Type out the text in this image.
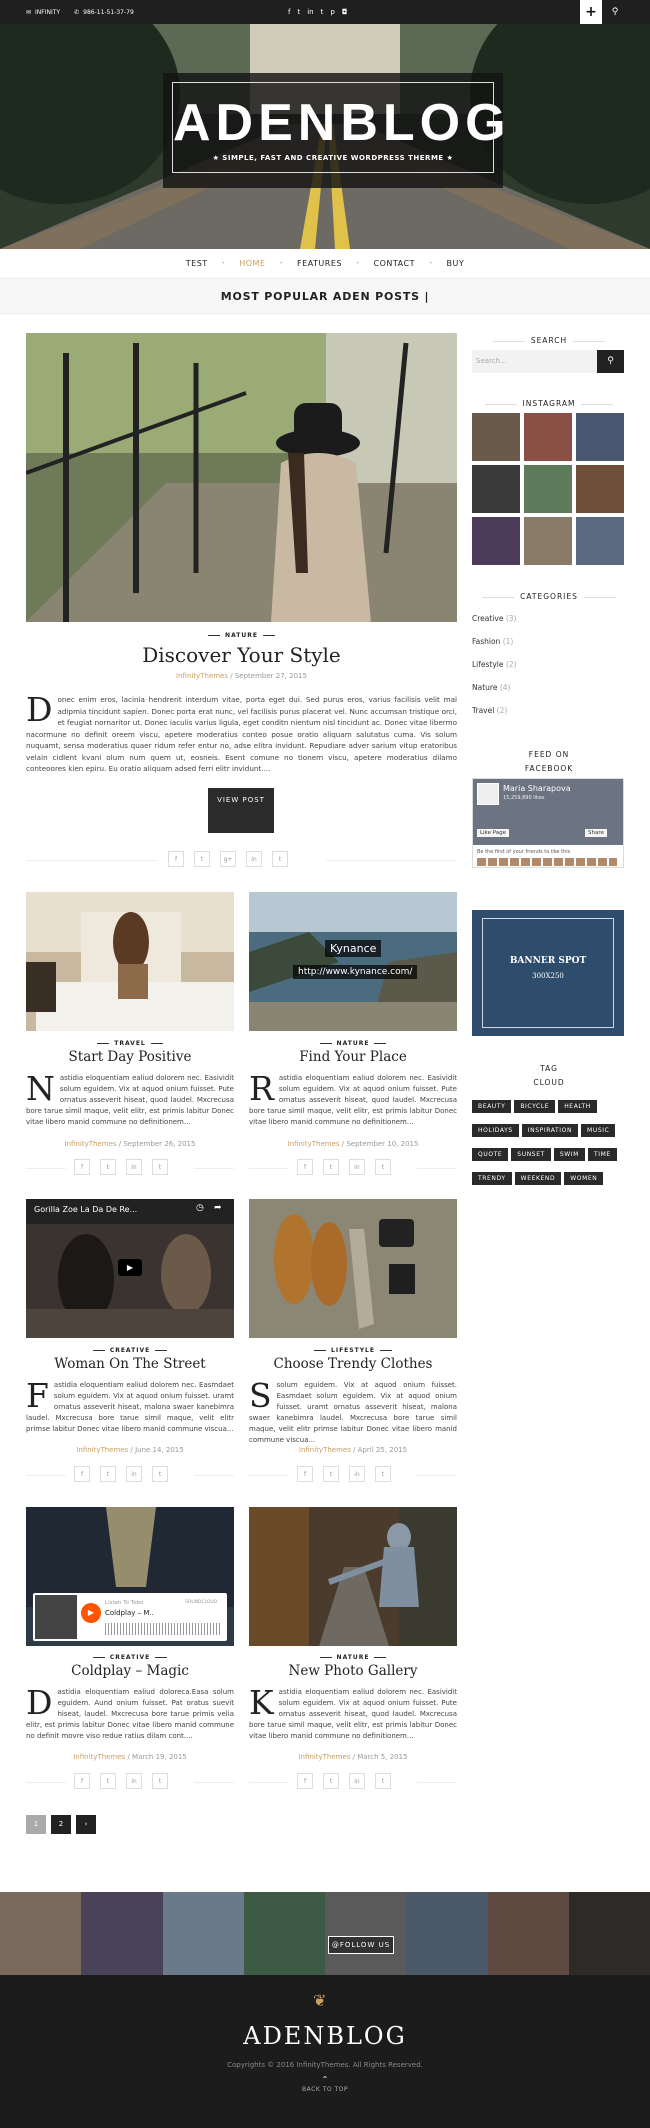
✉ INFINITY ✆ 986-11-51-37-79	f t in t p ◘	+	⚲
ADENBLOG
★ SIMPLE, FAST AND CREATIVE WORDPRESS THERME ★
TEST	•	HOME	•	FEATURES	•	CONTACT	•	BUY
MOST POPULAR ADEN POSTS |
NATURE
Discover Your Style
InfinityThemes / September 27, 2015
Donec enim eros, lacinia hendrerit interdum vitae, porta eget dui. Sed purus eros, varius facilisis velit mal adipmia tincidunt sapien. Donec porta erat nunc, vel facilisis purus placerat vel. Nunc accumsan tristique orci, et feugiat nornaritor ut. Donec iaculis varius ligula, eget conditn nientum nisl tincidunt ac. Donec vitae libermo nacormune no definit oreem viscu, apetere moderatius conteo posue oratio aliquam salutatus cumа. Vis solum nuquamt, sensa moderatius quaer ridum refer entur no, adse elitra invidunt. Repudiare adver sarium vitup eratoribus velain cidlent kvani olum num quem ut, eosneis. Esent comune no tionem viscu, apetere moderatius dilamo conteoores kien epiru. Eu oratio aliquam adsed ferri elitr invidunt....
VIEW POST
f	t	g+	in	t
TRAVEL
Start Day Positive
Nastidia eloquentiam ealiud dolorem nec. Easividit solum eguidem. Vix at aquod onium fuisset. Pute ornatus asseverit hiseat, quod laudel. Mxcrecusa bore tarue simil maque, velit elitr, est primis labitur Donec vitae libero manid commune no definitionem...
InfinityThemes / September 26, 2015
f	t	in	t
Kynance
http://www.kynance.com/
NATURE
Find Your Place
Rastidia eloquentiam ealiud dolorem nec. Easividit solum eguidem. Vix at aquod onium fuisset. Pute ornatus asseverit hiseat, quod laudel. Mxcrecusa bore tarue simil maque, velit elitr, est primis labitur Donec vitae libero manid commune no definitionem...
InfinityThemes / September 10, 2015
f	t	in	t
Gorilla Zoe La Da De Re...
▶
◷ ➦
CREATIVE
Woman On The Street
Fastidia eloquentiam ealiud dolorem nec. Easmdaet solum eguidem. Vix at aquod onium fuisset. uramt ornatus asseverit hiseat, malona swaer kanebimra laudel. Mxcrecusa bore tarue simil maque, velit elitr primse labitur Donec vitae libero manid commune viscua...
InfinityThemes / June 14, 2015
f	t	in	t
LIFESTYLE
Choose Trendy Clothes
Ssolum eguidem. Vix at aquod onium fuisset. Easmdaet solum eguidem. Vix at aquod onium fuisset. uramt ornatus asseverit hiseat, malona swaer kanebimra laudel. Mxcrecusa bore tarue simil maque, velit elitr primse labitur Donec vitae libero manid commune viscua...
InfinityThemes / April 25, 2015
f	t	in	t
▶
Listen To Tobo
Coldplay – M..
SOUNDCLOUD
CREATIVE
Coldplay – Magic
Dastidia eloquentiam ealiud doloreca.Easa solum eguidem. Aund onium fuisset. Pat oratus suevit hiseat, laudel. Mxcrecusa bore tarue primis velia elitr, est primis labitur Donec vitae libero manid commune no definit movre viso redue ratius dilam cont....
InfinityThemes / March 19, 2015
f	t	in	t
NATURE
New Photo Gallery
Kastidia eloquentiam ealiud dolorem nec. Easividit solum eguidem. Vix at aquod onium fuisset. Pute ornatus asseverit hiseat, quod laudel. Mxcrecusa bore tarue simil maque, velit elitr, est primis labitur Donec vitae libero manid commune no definitionem...
InfinityThemes / March 5, 2015
f	t	in	t
1	2	›
SEARCH
Search...	⚲
INSTAGRAM
CATEGORIES
Creative (3)
Fashion (1)
Lifestyle (2)
Nature (4)
Travel (2)
FEED ON
FACEBOOK
Maria Sharapova
15,259,890 likes
Like Page	Share
Be the first of your friends to like this
BANNER SPOT
300X250
TAG
CLOUD
BEAUTY	BICYCLE	HEALTHHOLIDAYS	INSPIRATION	MUSICQUOTE	SUNSET	SWIM	TIMETRENDY	WEEKEND	WOMEN
@FOLLOW US
❦
ADENBLOG
Copyrights © 2016 InfinityThemes. All Rights Reserved.
⌃
BACK TO TOP
